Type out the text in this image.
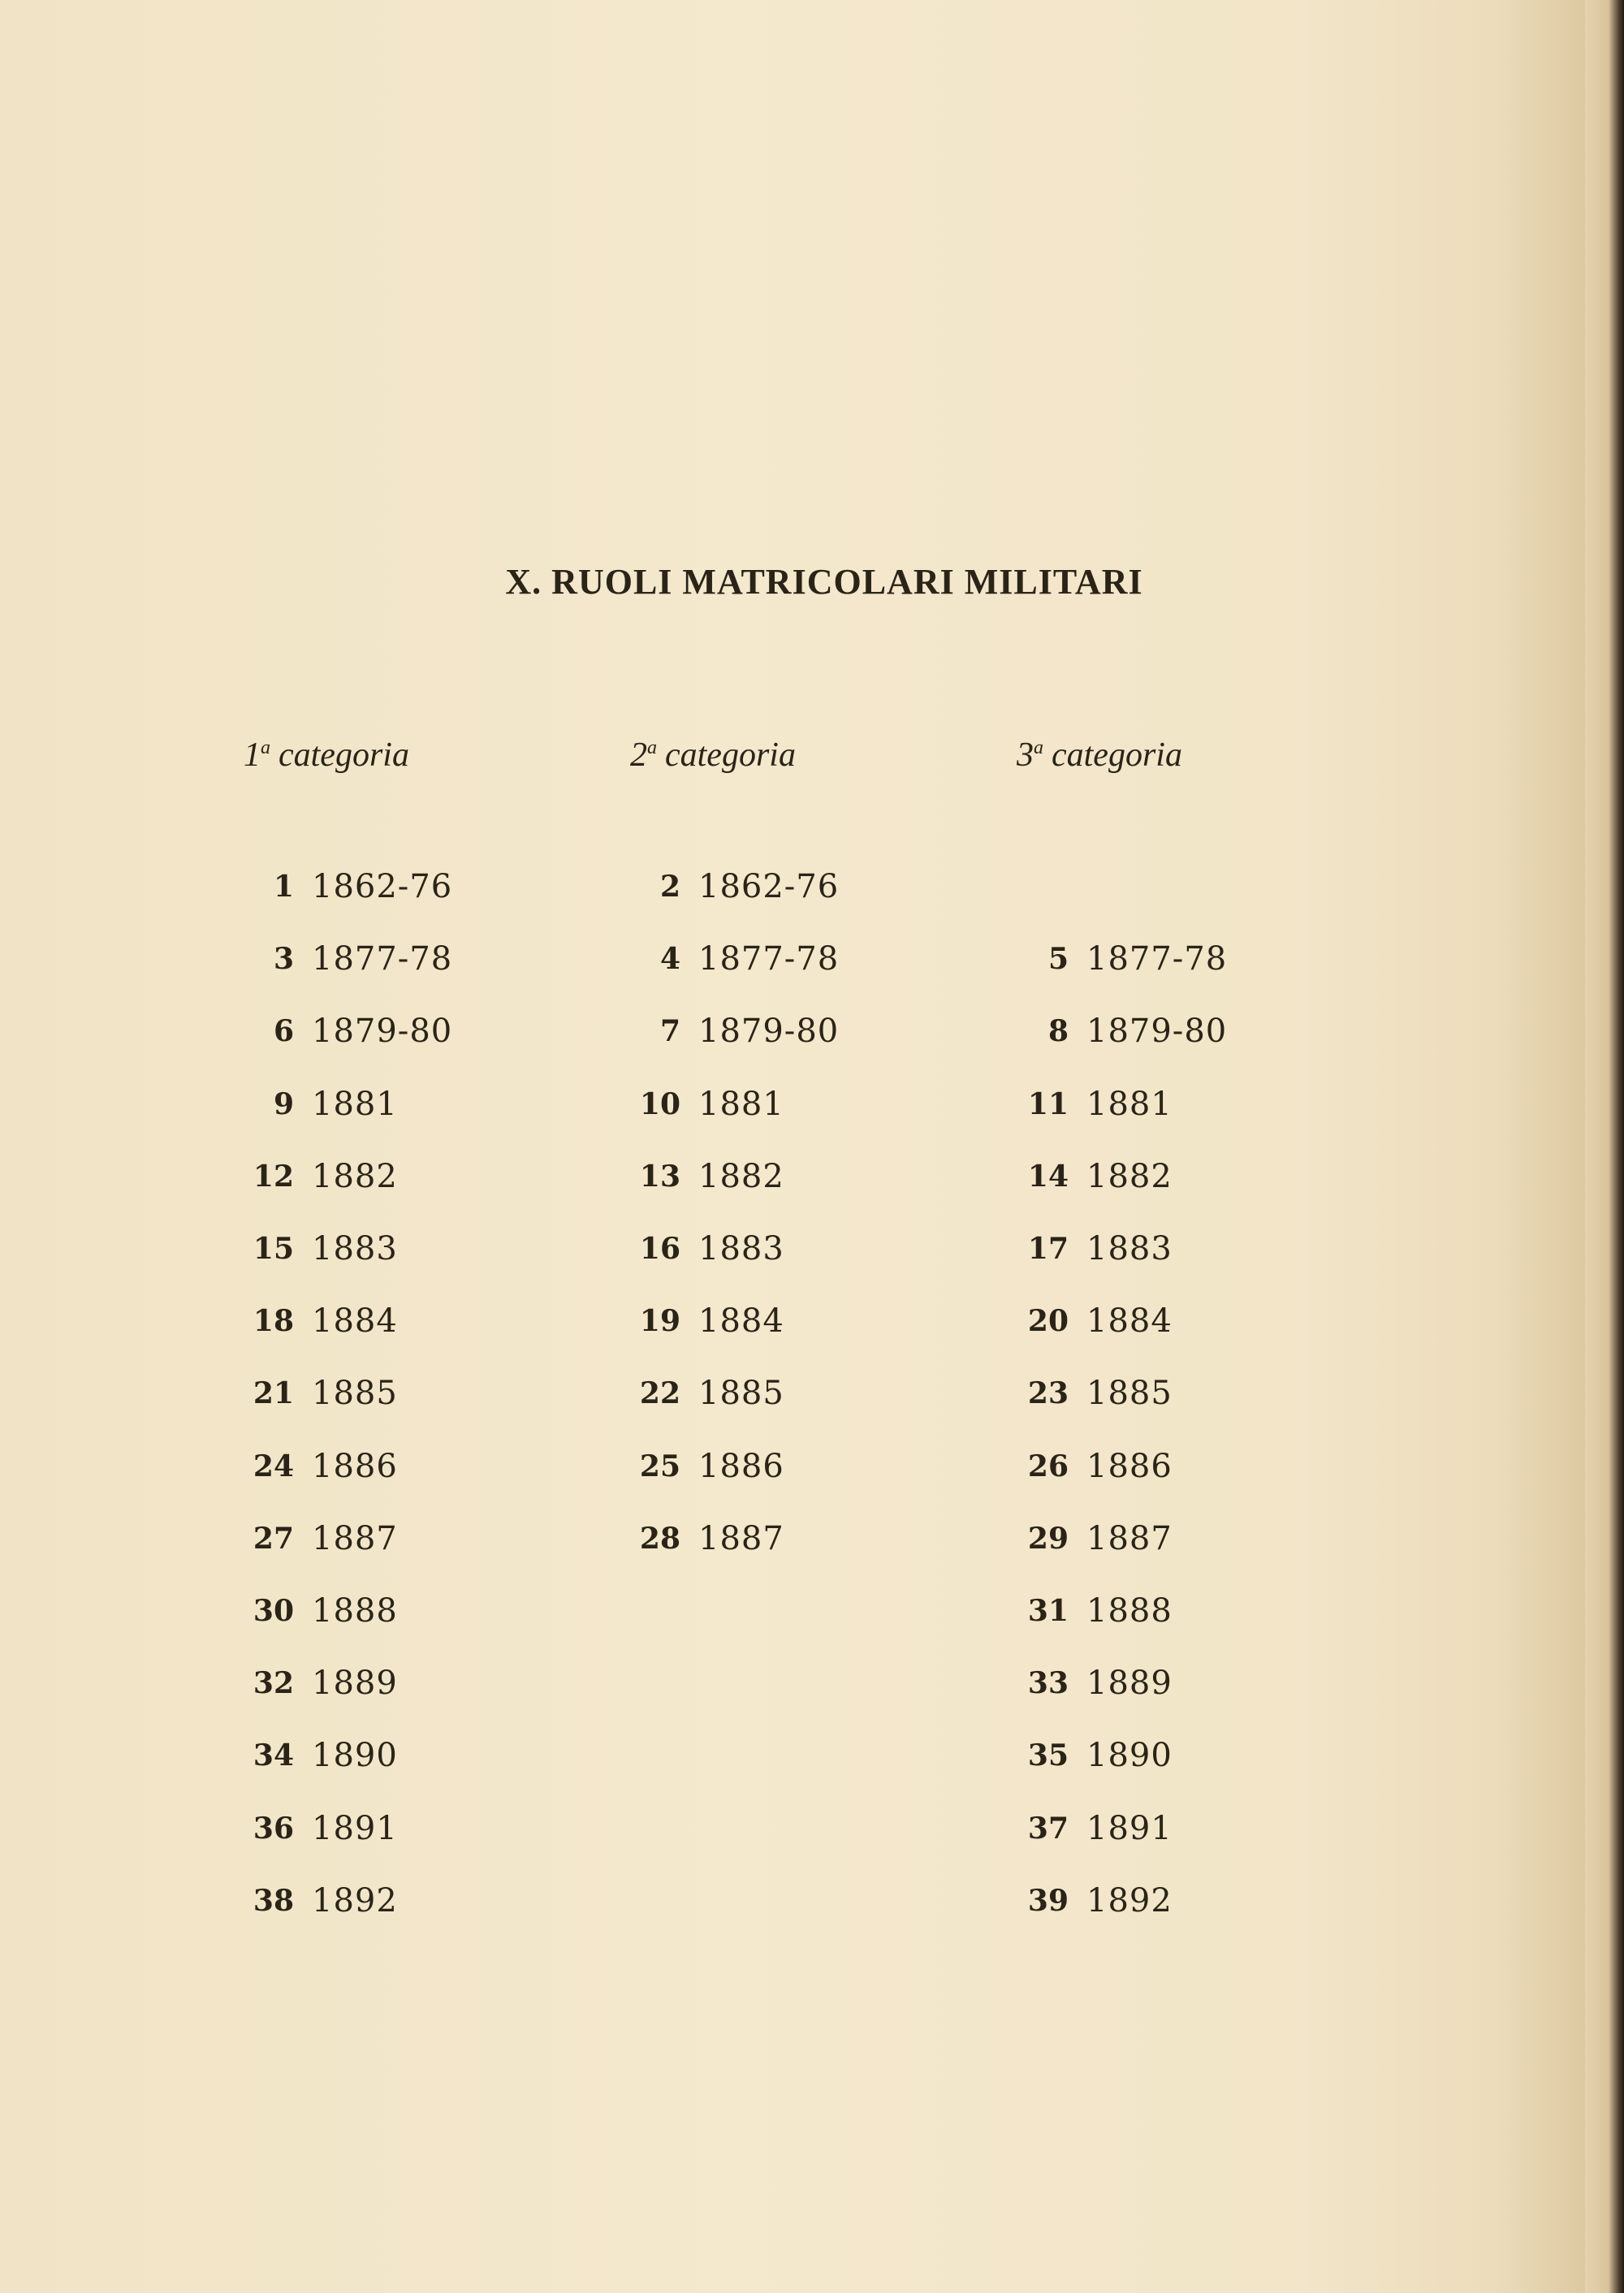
X. RUOLI MATRICOLARI MILITARI
1$^a$ categoria	2$^a$ categoria	3$^a$ categoria
1 1862-76
3 1877-78
6 1879-80
9 1881
12 1882
15 1883
18 1884
21 1885
24 1886
27 1887
30 1888
32 1889
34 1890
36 1891
38 1892
2 1862-76
4 1877-78
7 1879-80
10 1881
13 1882
16 1883
19 1884
22 1885
25 1886
28 1887
5 1877-78
8 1879-80
11 1881
14 1882
17 1883
20 1884
23 1885
26 1886
29 1887
31 1888
33 1889
35 1890
37 1891
39 1892
